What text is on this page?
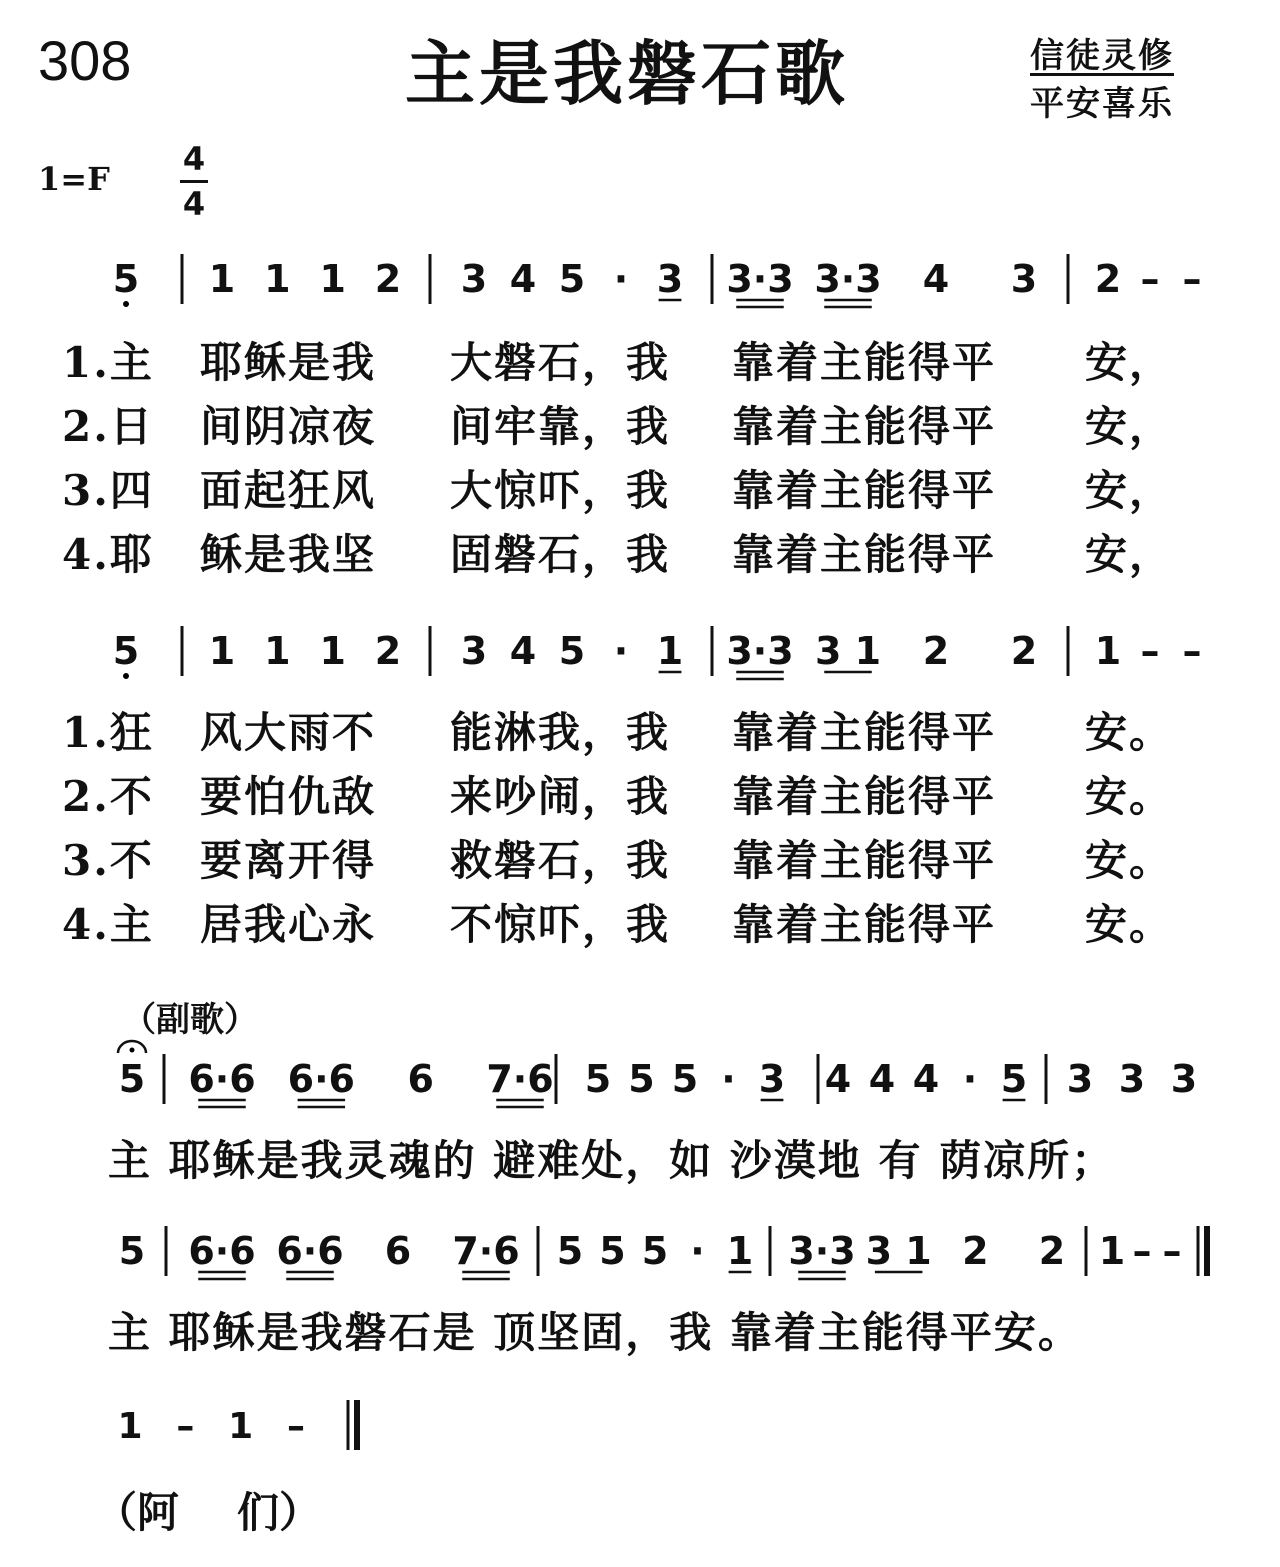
308	主是我磐石歌	信徒灵修
平安喜乐
1=F
4
4
5 1 1 1 2 3 4 5 · 3 3·3 3·3 4 3 2 – –
5 1 1 1 2 3 4 5 · 1 3·3 3 1 2 2 1 – –
5 6·6 6·6 6 7·6 5 5 5 · 3 4 4 4 · 5 3 3 3
5 6·6 6·6 6 7·6 5 5 5 · 1 3·3 3 1 2 2 1 – –
1 – 1 –
1.主 耶稣是我 大磐石，我 靠着主能得平 安，
2.日 间阴凉夜 间牢靠，我 靠着主能得平 安，
3.四 面起狂风 大惊吓，我 靠着主能得平 安，
4.耶 稣是我坚 固磐石，我 靠着主能得平 安，
1.狂 风大雨不 能淋我，我 靠着主能得平 安。
2.不 要怕仇敌 来吵闹，我 靠着主能得平 安。
3.不 要离开得 救磐石，我 靠着主能得平 安。
4.主 居我心永 不惊吓，我 靠着主能得平 安。
（副歌）
主 耶稣是我灵魂的 避难处，如 沙漠地 有 荫凉所；
主 耶稣是我磐石是 顶坚固，我 靠着主能得平安。
（阿 们）
